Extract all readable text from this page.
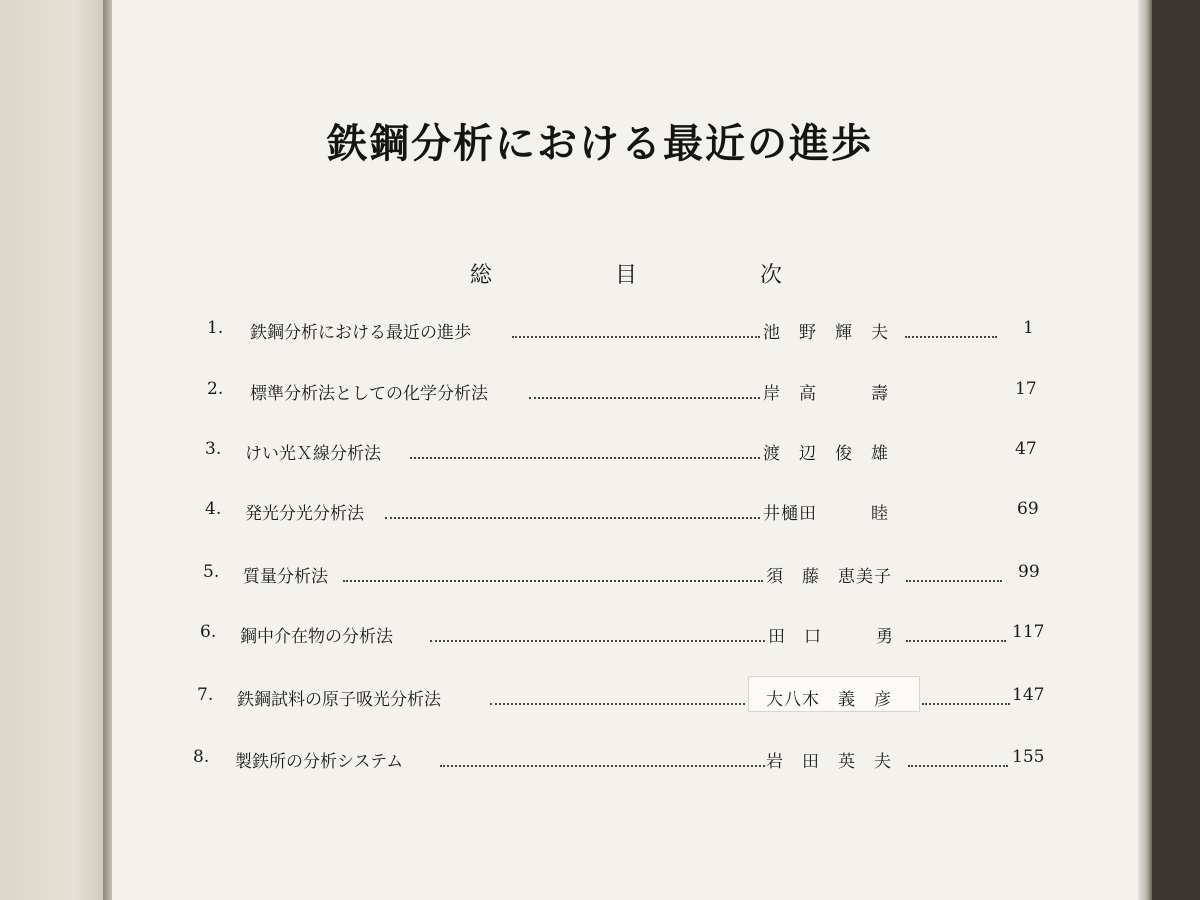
鉄鋼分析における最近の進歩
総 目 次
1. 鉄鋼分析における最近の進歩	池　野　輝　夫	1
2. 標準分析法としての化学分析法	岸　高　　　壽	17
3. けい光Ｘ線分析法	渡　辺　俊　雄	47
4. 発光分光分析法	井樋田　　　睦	69
5. 質量分析法	須　藤　恵美子	99
6. 鋼中介在物の分析法	田　口　　　勇	117
7. 鉄鋼試料の原子吸光分析法	大八木　義　彦	147
8. 製鉄所の分析システム	岩　田　英　夫	155
